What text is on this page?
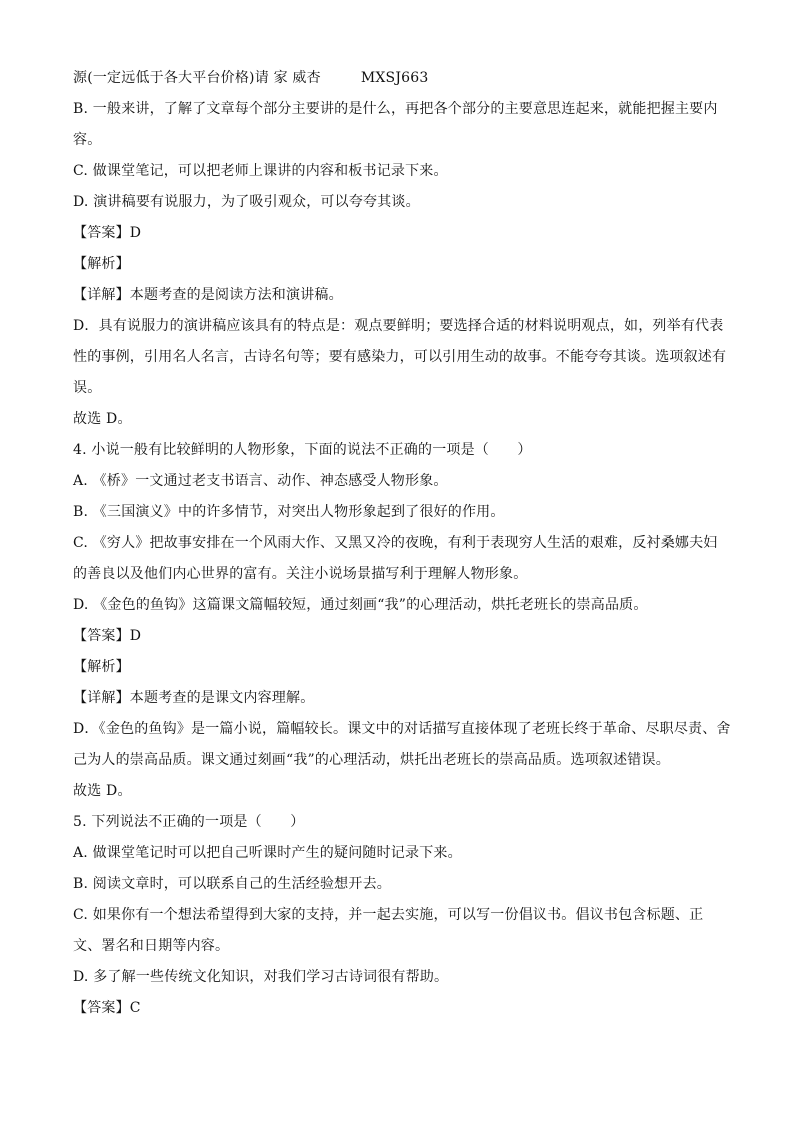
源(一定远低于各大平台价格)请 家 威杏	MXSJ663
B. 一般来讲，了解了文章每个部分主要讲的是什么，再把各个部分的主要意思连起来，就能把握主要内
容。
C. 做课堂笔记，可以把老师上课讲的内容和板书记录下来。
D. 演讲稿要有说服力，为了吸引观众，可以夸夸其谈。
【答案】D
【解析】
【详解】本题考查的是阅读方法和演讲稿。
D．具有说服力的演讲稿应该具有的特点是：观点要鲜明；要选择合适的材料说明观点，如，列举有代表
性的事例，引用名人名言，古诗名句等；要有感染力，可以引用生动的故事。不能夸夸其谈。选项叙述有
误。
故选 D。
4. 小说一般有比较鲜明的人物形象，下面的说法不正确的一项是（　　）
A. 《桥》一文通过老支书语言、动作、神态感受人物形象。
B. 《三国演义》中的许多情节，对突出人物形象起到了很好的作用。
C. 《穷人》把故事安排在一个风雨大作、又黑又冷的夜晚，有利于表现穷人生活的艰难，反衬桑娜夫妇
的善良以及他们内心世界的富有。关注小说场景描写利于理解人物形象。
D. 《金色的鱼钩》这篇课文篇幅较短，通过刻画“我”的心理活动，烘托老班长的崇高品质。
【答案】D
【解析】
【详解】本题考查的是课文内容理解。
D．《金色的鱼钩》是一篇小说，篇幅较长。课文中的对话描写直接体现了老班长终于革命、尽职尽责、舍
己为人的崇高品质。课文通过刻画“我”的心理活动，烘托出老班长的崇高品质。选项叙述错误。
故选 D。
5. 下列说法不正确的一项是（　　）
A. 做课堂笔记时可以把自己听课时产生的疑问随时记录下来。
B. 阅读文章时，可以联系自己的生活经验想开去。
C. 如果你有一个想法希望得到大家的支持，并一起去实施，可以写一份倡议书。倡议书包含标题、正
文、署名和日期等内容。
D. 多了解一些传统文化知识，对我们学习古诗词很有帮助。
【答案】C
